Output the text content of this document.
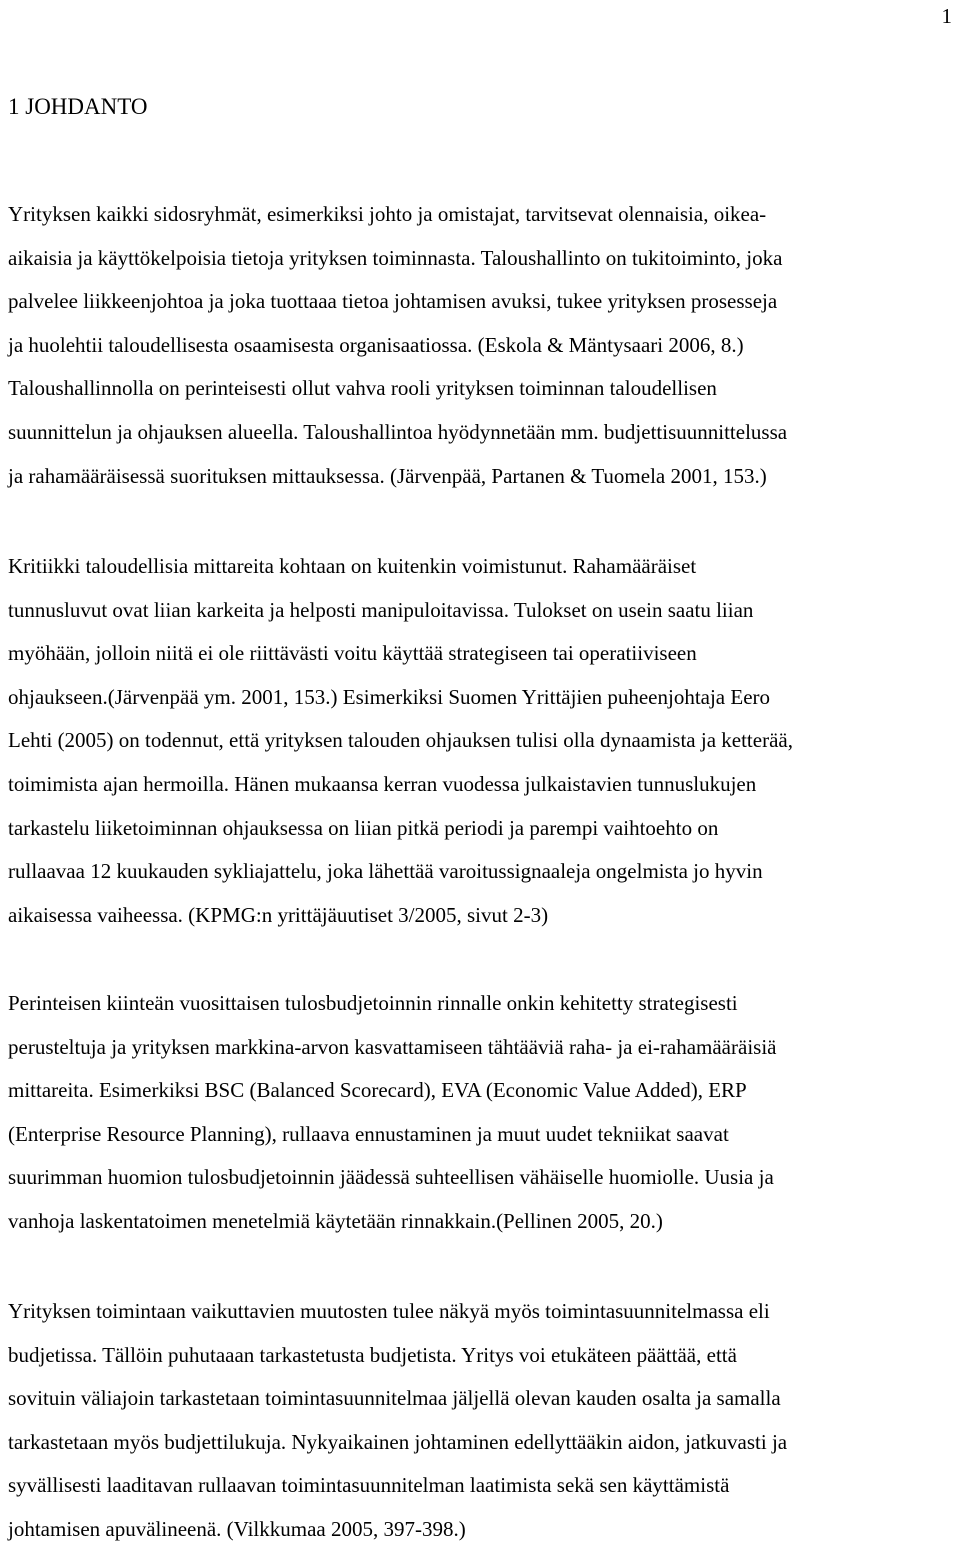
1
1 JOHDANTO
Yrityksen kaikki sidosryhmät, esimerkiksi johto ja omistajat, tarvitsevat olennaisia, oikea-
aikaisia ja käyttökelpoisia tietoja yrityksen toiminnasta. Taloushallinto on tukitoiminto, joka
palvelee liikkeenjohtoa ja joka tuottaaa tietoa johtamisen avuksi, tukee yrityksen prosesseja
ja huolehtii taloudellisesta osaamisesta organisaatiossa. (Eskola & Mäntysaari 2006, 8.)
Taloushallinnolla on perinteisesti ollut vahva rooli yrityksen toiminnan taloudellisen
suunnittelun ja ohjauksen alueella. Taloushallintoa hyödynnetään mm. budjettisuunnittelussa
ja rahamääräisessä suorituksen mittauksessa. (Järvenpää, Partanen & Tuomela 2001, 153.)
Kritiikki taloudellisia mittareita kohtaan on kuitenkin voimistunut. Rahamääräiset
tunnusluvut ovat liian karkeita ja helposti manipuloitavissa. Tulokset on usein saatu liian
myöhään, jolloin niitä ei ole riittävästi voitu käyttää strategiseen tai operatiiviseen
ohjaukseen.(Järvenpää ym. 2001, 153.) Esimerkiksi Suomen Yrittäjien puheenjohtaja Eero
Lehti (2005) on todennut, että yrityksen talouden ohjauksen tulisi olla dynaamista ja ketterää,
toimimista ajan hermoilla. Hänen mukaansa kerran vuodessa julkaistavien tunnuslukujen
tarkastelu liiketoiminnan ohjauksessa on liian pitkä periodi ja parempi vaihtoehto on
rullaavaa 12 kuukauden sykliajattelu, joka lähettää varoitussignaaleja ongelmista jo hyvin
aikaisessa vaiheessa. (KPMG:n yrittäjäuutiset 3/2005, sivut 2-3)
Perinteisen kiinteän vuosittaisen tulosbudjetoinnin rinnalle onkin kehitetty strategisesti
perusteltuja ja yrityksen markkina-arvon kasvattamiseen tähtääviä raha- ja ei-rahamääräisiä
mittareita. Esimerkiksi BSC (Balanced Scorecard), EVA (Economic Value Added), ERP
(Enterprise Resource Planning), rullaava ennustaminen ja muut uudet tekniikat saavat
suurimman huomion tulosbudjetoinnin jäädessä suhteellisen vähäiselle huomiolle. Uusia ja
vanhoja laskentatoimen menetelmiä käytetään rinnakkain.(Pellinen 2005, 20.)
Yrityksen toimintaan vaikuttavien muutosten tulee näkyä myös toimintasuunnitelmassa eli
budjetissa. Tällöin puhutaaan tarkastetusta budjetista. Yritys voi etukäteen päättää, että
sovituin väliajoin tarkastetaan toimintasuunnitelmaa jäljellä olevan kauden osalta ja samalla
tarkastetaan myös budjettilukuja. Nykyaikainen johtaminen edellyttääkin aidon, jatkuvasti ja
syvällisesti laaditavan rullaavan toimintasuunnitelman laatimista sekä sen käyttämistä
johtamisen apuvälineenä. (Vilkkumaa 2005, 397-398.)
